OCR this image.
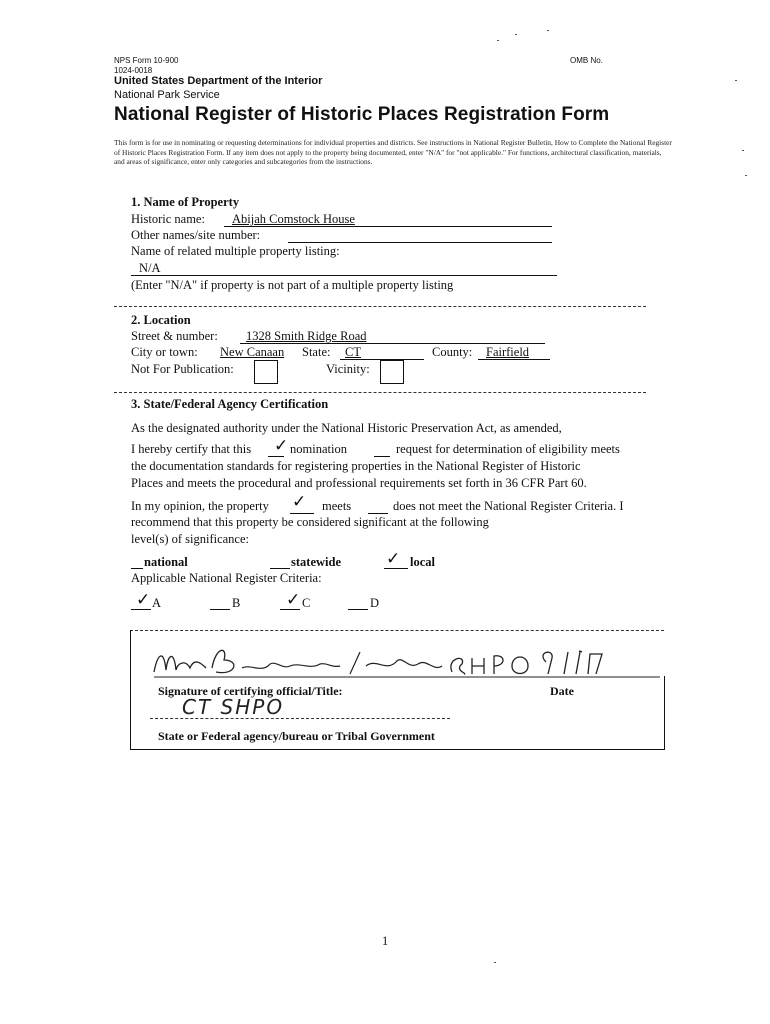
NPS Form 10-900	OMB No.
1024-0018
United States Department of the Interior
National Park Service
National Register of Historic Places Registration Form
This form is for use in nominating or requesting determinations for individual properties and districts. See instructions in National Register Bulletin, How to Complete the National Register of Historic Places Registration Form. If any item does not apply to the property being documented, enter "N/A" for "not applicable." For functions, architectural classification, materials, and areas of significance, enter only categories and subcategories from the instructions.
1. Name of Property
Historic name: Abijah Comstock House
Other names/site number:
Name of related multiple property listing:
N/A
(Enter "N/A" if property is not part of a multiple property listing
2. Location
Street & number: 1328 Smith Ridge Road
City or town: New Canaan State: CT	County: Fairfield
Not For Publication:	Vicinity:
3. State/Federal Agency Certification
As the designated authority under the National Historic Preservation Act, as amended,
I hereby certify that this ✓ nomination	request for determination of eligibility meets
the documentation standards for registering properties in the National Register of Historic
Places and meets the procedural and professional requirements set forth in 36 CFR Part 60.
In my opinion, the property ✓ meets	does not meet the National Register Criteria. I
recommend that this property be considered significant at the following
level(s) of significance:
national	statewide	✓ local
Applicable National Register Criteria:
✓ A	B	✓ C	D
Signature of certifying official/Title:	Date
CT SHPO
State or Federal agency/bureau or Tribal Government
1
